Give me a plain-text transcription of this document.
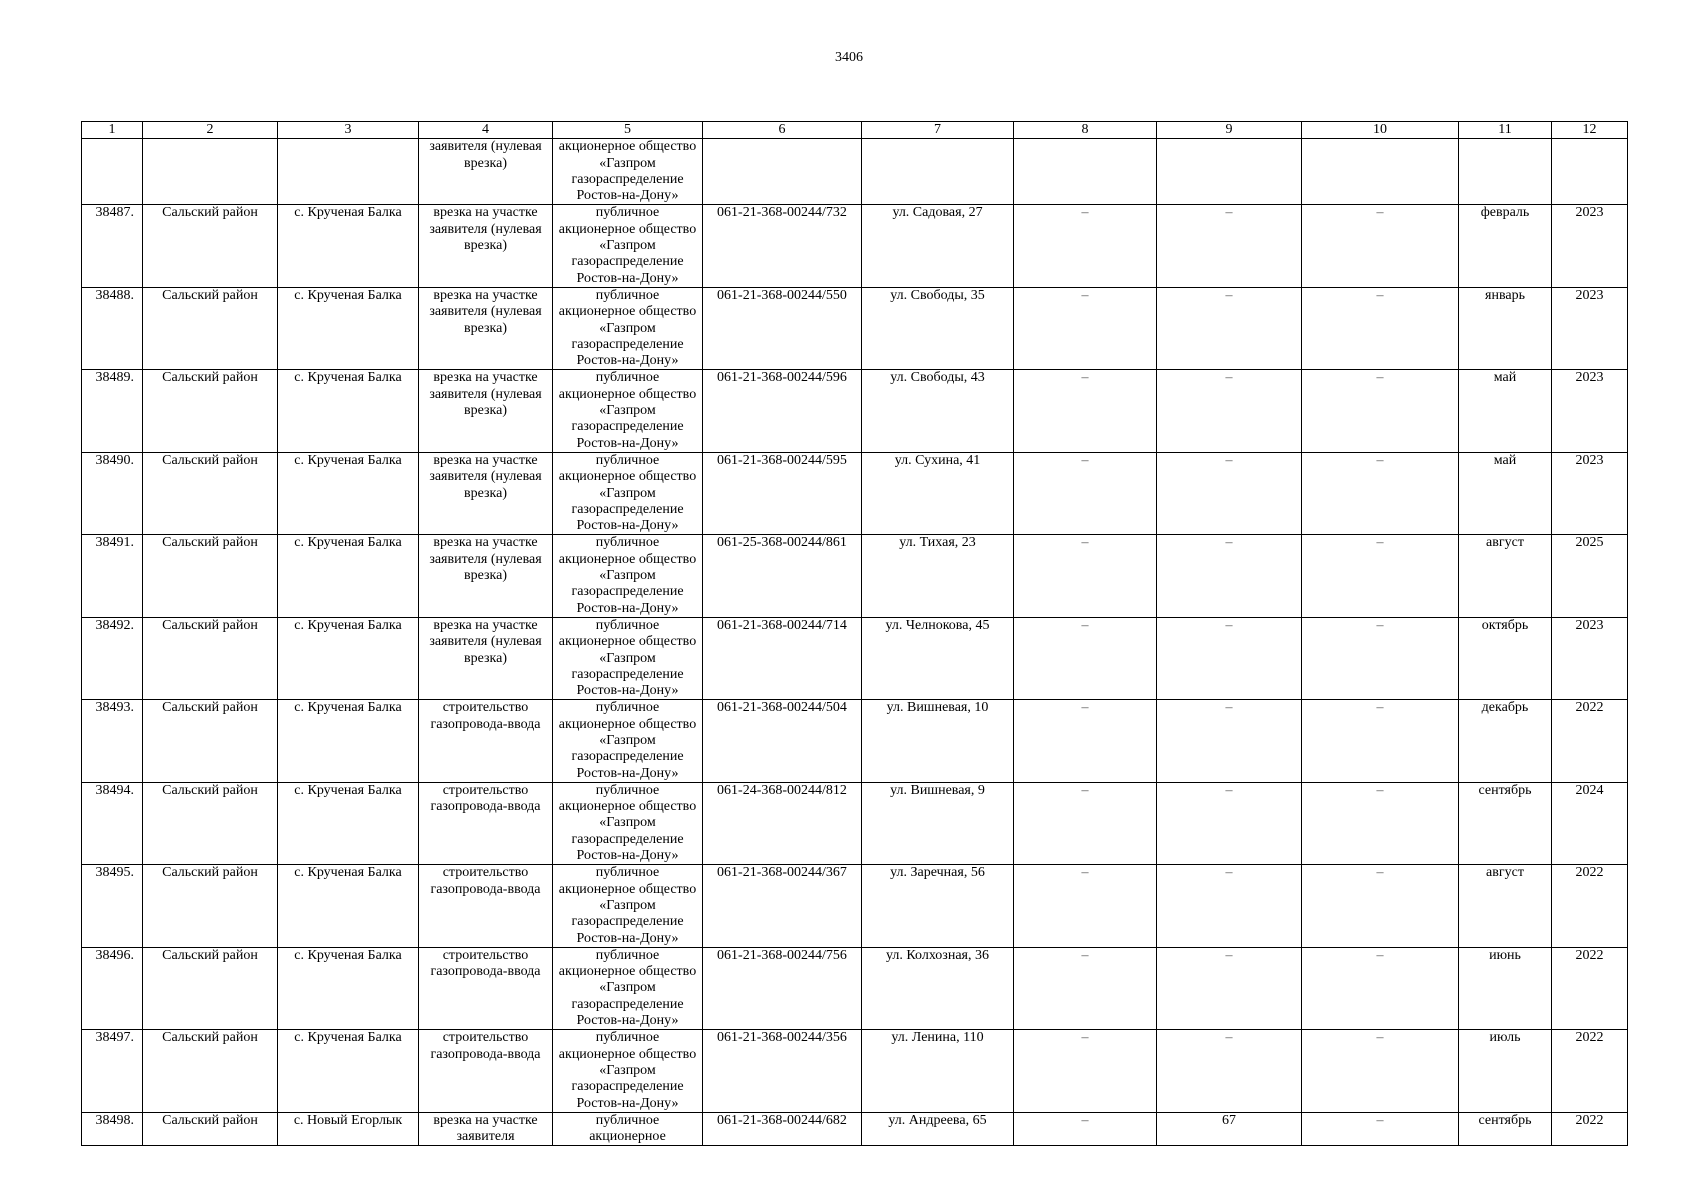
3406
1	2	3	4	5	6	7	8	9	10	11	12
			заявителя (нулевая врезка)	акционерное общество «Газпром газораспределение Ростов-на-Дону»							
38487.	Сальский район	с. Крученая Балка	врезка на участке заявителя (нулевая врезка)	публичное акционерное общество «Газпром газораспределение Ростов-на-Дону»	061-21-368-00244/732	ул. Садовая, 27	–	–	–	февраль	2023
38488.	Сальский район	с. Крученая Балка	врезка на участке заявителя (нулевая врезка)	публичное акционерное общество «Газпром газораспределение Ростов-на-Дону»	061-21-368-00244/550	ул. Свободы, 35	–	–	–	январь	2023
38489.	Сальский район	с. Крученая Балка	врезка на участке заявителя (нулевая врезка)	публичное акционерное общество «Газпром газораспределение Ростов-на-Дону»	061-21-368-00244/596	ул. Свободы, 43	–	–	–	май	2023
38490.	Сальский район	с. Крученая Балка	врезка на участке заявителя (нулевая врезка)	публичное акционерное общество «Газпром газораспределение Ростов-на-Дону»	061-21-368-00244/595	ул. Сухина, 41	–	–	–	май	2023
38491.	Сальский район	с. Крученая Балка	врезка на участке заявителя (нулевая врезка)	публичное акционерное общество «Газпром газораспределение Ростов-на-Дону»	061-25-368-00244/861	ул. Тихая, 23	–	–	–	август	2025
38492.	Сальский район	с. Крученая Балка	врезка на участке заявителя (нулевая врезка)	публичное акционерное общество «Газпром газораспределение Ростов-на-Дону»	061-21-368-00244/714	ул. Челнокова, 45	–	–	–	октябрь	2023
38493.	Сальский район	с. Крученая Балка	строительство газопровода-ввода	публичное акционерное общество «Газпром газораспределение Ростов-на-Дону»	061-21-368-00244/504	ул. Вишневая, 10	–	–	–	декабрь	2022
38494.	Сальский район	с. Крученая Балка	строительство газопровода-ввода	публичное акционерное общество «Газпром газораспределение Ростов-на-Дону»	061-24-368-00244/812	ул. Вишневая, 9	–	–	–	сентябрь	2024
38495.	Сальский район	с. Крученая Балка	строительство газопровода-ввода	публичное акционерное общество «Газпром газораспределение Ростов-на-Дону»	061-21-368-00244/367	ул. Заречная, 56	–	–	–	август	2022
38496.	Сальский район	с. Крученая Балка	строительство газопровода-ввода	публичное акционерное общество «Газпром газораспределение Ростов-на-Дону»	061-21-368-00244/756	ул. Колхозная, 36	–	–	–	июнь	2022
38497.	Сальский район	с. Крученая Балка	строительство газопровода-ввода	публичное акционерное общество «Газпром газораспределение Ростов-на-Дону»	061-21-368-00244/356	ул. Ленина, 110	–	–	–	июль	2022
38498.	Сальский район	с. Новый Егорлык	врезка на участке заявителя	публичное акционерное	061-21-368-00244/682	ул. Андреева, 65	–	67	–	сентябрь	2022
